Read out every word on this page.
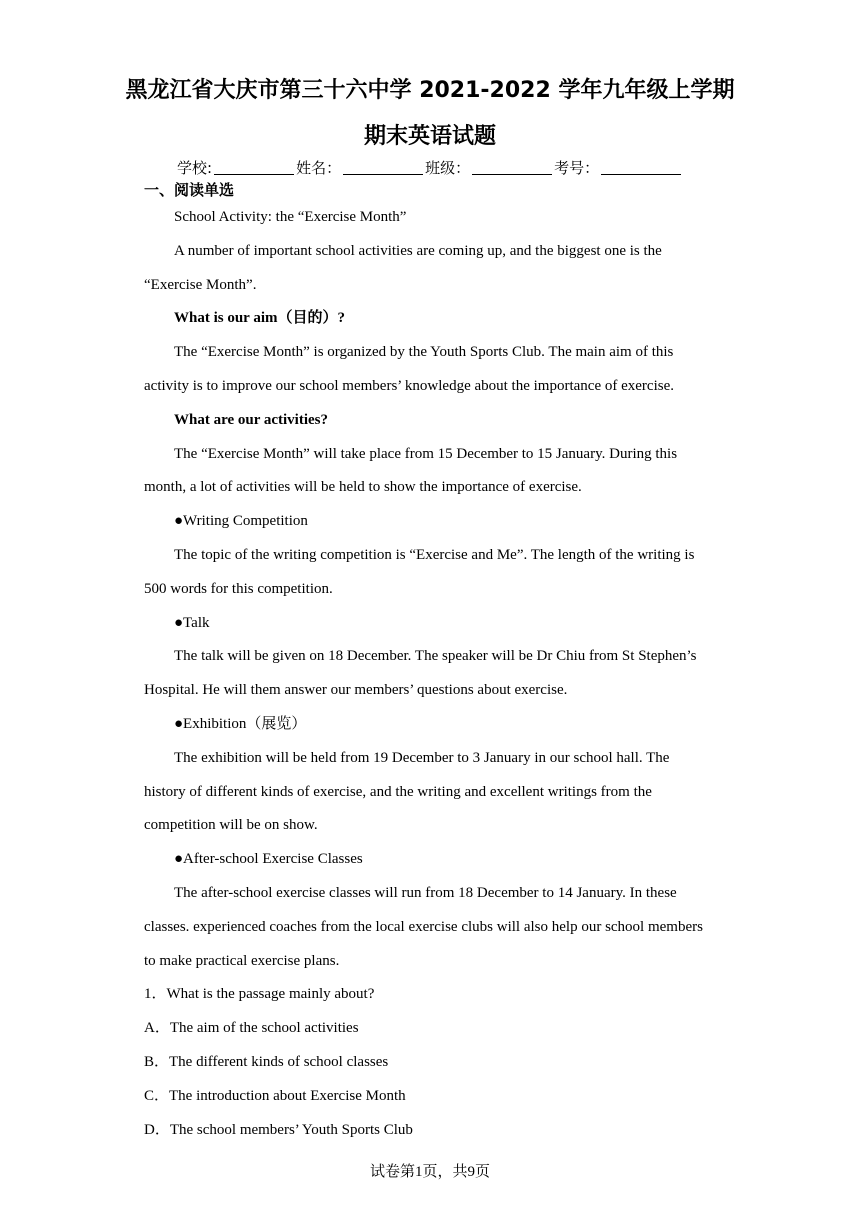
黑龙江省大庆市第三十六中学 2021-2022 学年九年级上学期
期末英语试题
学校:	姓名：	班级：	考号：
一、阅读单选

School Activity: the “Exercise Month”

A number of important school activities are coming up, and the biggest one is the “Exercise Month”.

What is our aim（目的）?

The “Exercise Month” is organized by the Youth Sports Club. The main aim of this activity is to improve our school members’ knowledge about the importance of exercise.

What are our activities?

The “Exercise Month” will take place from 15 December to 15 January. During this month, a lot of activities will be held to show the importance of exercise.

●Writing Competition

The topic of the writing competition is “Exercise and Me”. The length of the writing is 500 words for this competition.

●Talk

The talk will be given on 18 December. The speaker will be Dr Chiu from St Stephen’s Hospital. He will them answer our members’ questions about exercise.

●Exhibition（展览）

The exhibition will be held from 19 December to 3 January in our school hall. The history of different kinds of exercise, and the writing and excellent writings from the competition will be on show.

●After-school Exercise Classes

The after-school exercise classes will run from 18 December to 14 January. In these classes. experienced coaches from the local exercise clubs will also help our school members to make practical exercise plans.

1．What is the passage mainly about?

A．The aim of the school activities

B．The different kinds of school classes

C．The introduction about Exercise Month

D．The school members’ Youth Sports Club

试卷第1页，共9页
